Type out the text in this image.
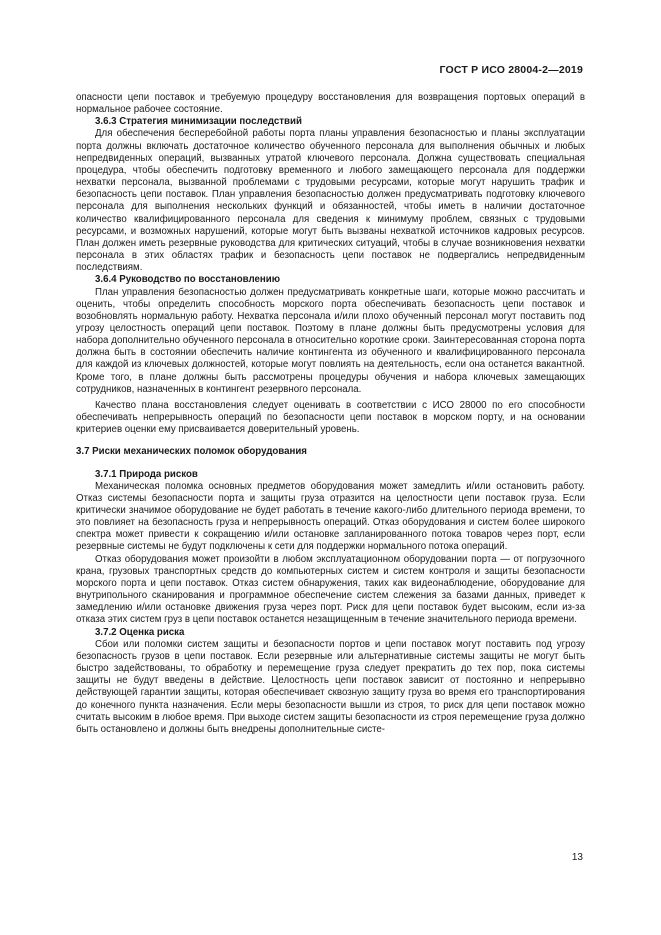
ГОСТ Р ИСО 28004-2—2019

опасности цепи поставок и требуемую процедуру восстановления для возвращения портовых операций в нормальное рабочее состояние.

3.6.3 Стратегия минимизации последствий

Для обеспечения бесперебойной работы порта планы управления безопасностью и планы эксплуатации порта должны включать достаточное количество обученного персонала для выполнения обычных и любых непредвиденных операций, вызванных утратой ключевого персонала. Должна существовать специальная процедура, чтобы обеспечить подготовку временного и любого замещающего персонала для поддержки нехватки персонала, вызванной проблемами с трудовыми ресурсами, которые могут нарушить трафик и безопасность цепи поставок. План управления безопасностью должен предусматривать подготовку ключевого персонала для выполнения нескольких функций и обязанностей, чтобы иметь в наличии достаточное количество квалифицированного персонала для сведения к минимуму проблем, связных с трудовыми ресурсами, и возможных нарушений, которые могут быть вызваны нехваткой источников кадровых ресурсов. План должен иметь резервные руководства для критических ситуаций, чтобы в случае возникновения нехватки персонала в этих областях трафик и безопасность цепи поставок не подвергались непредвиденным последствиям.

3.6.4 Руководство по восстановлению

План управления безопасностью должен предусматривать конкретные шаги, которые можно рассчитать и оценить, чтобы определить способность морского порта обеспечивать безопасность цепи поставок и возобновлять нормальную работу. Нехватка персонала и/или плохо обученный персонал могут поставить под угрозу целостность операций цепи поставок. Поэтому в плане должны быть предусмотрены условия для набора дополнительно обученного персонала в относительно короткие сроки. Заинтересованная сторона порта должна быть в состоянии обеспечить наличие контингента из обученного и квалифицированного персонала для каждой из ключевых должностей, которые могут повлиять на деятельность, если она останется вакантной. Кроме того, в плане должны быть рассмотрены процедуры обучения и набора ключевых замещающих сотрудников, назначенных в контингент резервного персонала.

Качество плана восстановления следует оценивать в соответствии с ИСО 28000 по его способности обеспечивать непрерывность операций по безопасности цепи поставок в морском порту, и на основании критериев оценки ему присваивается доверительный уровень.

3.7 Риски механических поломок оборудования

3.7.1 Природа рисков

Механическая поломка основных предметов оборудования может замедлить и/или остановить работу. Отказ системы безопасности порта и защиты груза отразится на целостности цепи поставок груза. Если критически значимое оборудование не будет работать в течение какого-либо длительного периода времени, то это повлияет на безопасность груза и непрерывность операций. Отказ оборудования и систем более широкого спектра может привести к сокращению и/или остановке запланированного потока товаров через порт, если резервные системы не будут подключены к сети для поддержки нормального потока операций.

Отказ оборудования может произойти в любом эксплуатационном оборудовании порта — от погрузочного крана, грузовых транспортных средств до компьютерных систем и систем контроля и защиты безопасности морского порта и цепи поставок. Отказ систем обнаружения, таких как видеонаблюдение, оборудование для внутрипольного сканирования и программное обеспечение систем слежения за базами данных, приведет к замедлению и/или остановке движения груза через порт. Риск для цепи поставок будет высоким, если из-за отказа этих систем груз в цепи поставок останется незащищенным в течение значительного периода времени.

3.7.2 Оценка риска

Сбои или поломки систем защиты и безопасности портов и цепи поставок могут поставить под угрозу безопасность грузов в цепи поставок. Если резервные или альтернативные системы защиты не могут быть быстро задействованы, то обработку и перемещение груза следует прекратить до тех пор, пока системы защиты не будут введены в действие. Целостность цепи поставок зависит от постоянно и непрерывно действующей гарантии защиты, которая обеспечивает сквозную защиту груза во время его транспортирования до конечного пункта назначения. Если меры безопасности вышли из строя, то риск для цепи поставок можно считать высоким в любое время. При выходе систем защиты безопасности из строя перемещение груза должно быть остановлено и должны быть внедрены дополнительные систе-

13
